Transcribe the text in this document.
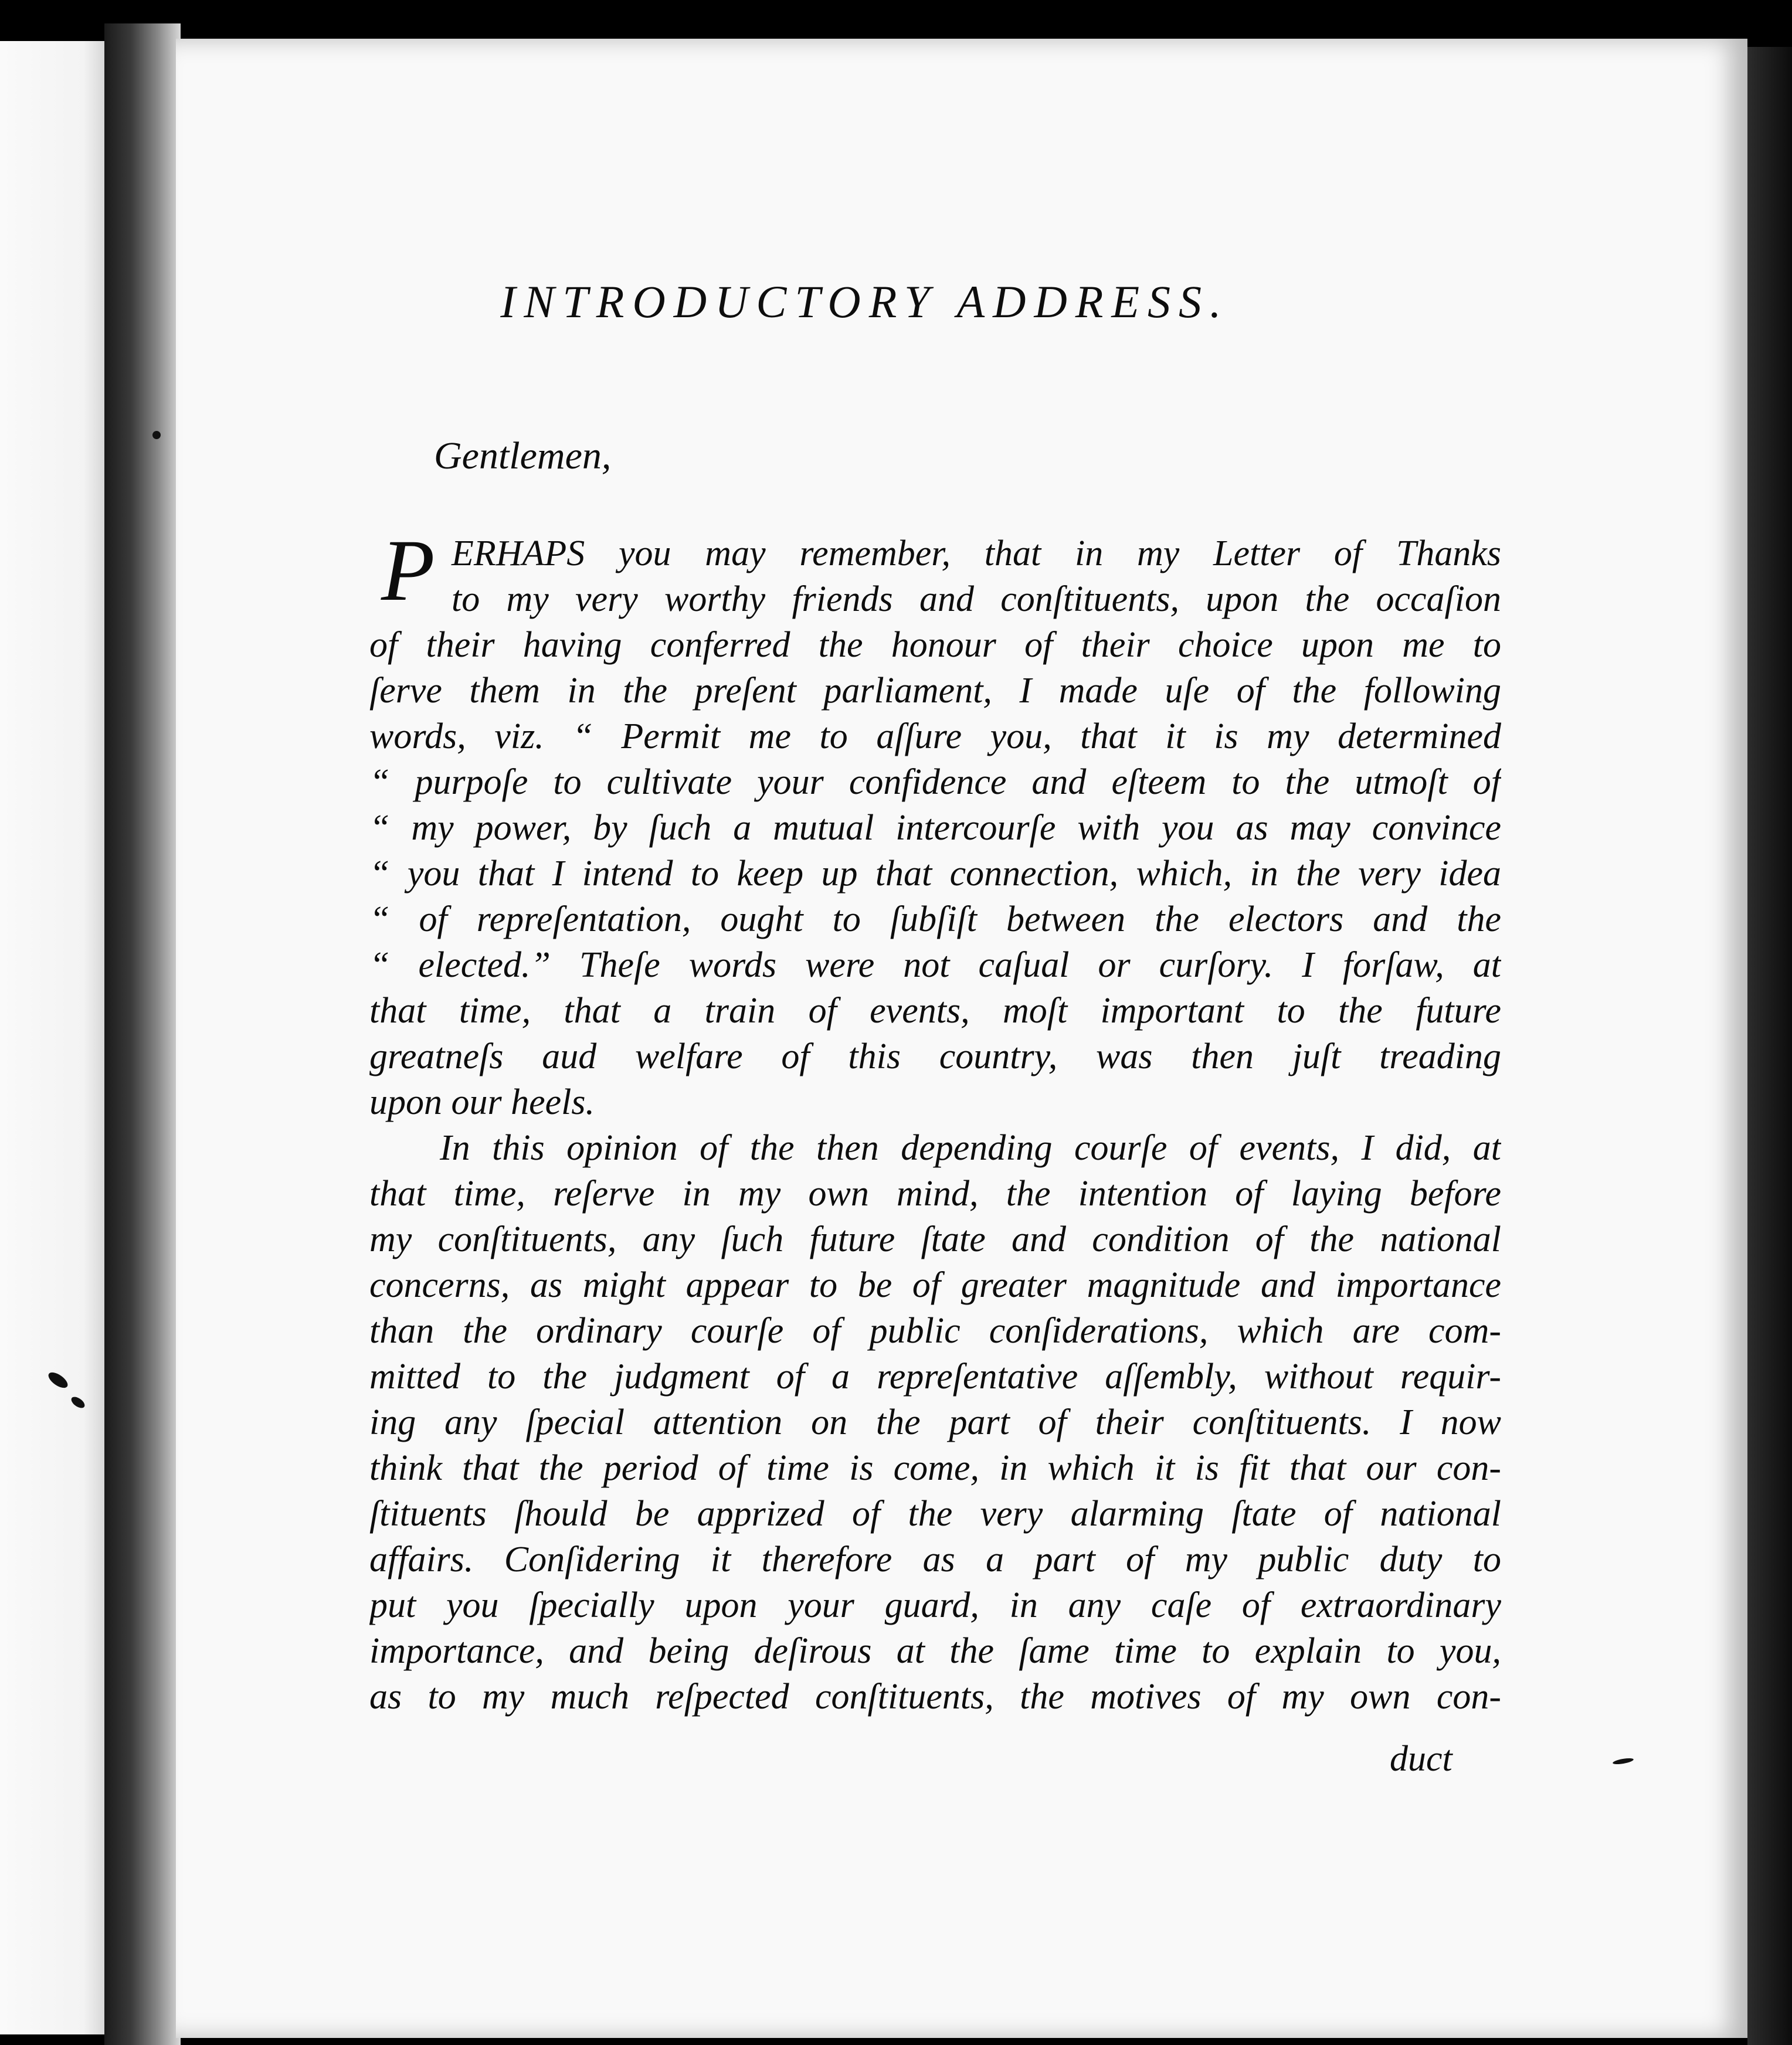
INTRODUCTORY ADDRESS.
Gentlemen,
P ERHAPS you may remember, that in my Letter of Thanks
to my very worthy friends and conſtituents, upon the occaſion
of their having conferred the honour of their choice upon me to
ſerve them in the preſent parliament, I made uſe of the following
words, viz. “ Permit me to aſſure you, that it is my determined
“ purpoſe to cultivate your confidence and eſteem to the utmoſt of
“ my power, by ſuch a mutual intercourſe with you as may convince
“ you that I intend to keep up that connection, which, in the very idea
“ of repreſentation, ought to ſubſiſt between the electors and the
“ elected.” Theſe words were not caſual or curſory. I forſaw, at
that time, that a train of events, moſt important to the future
greatneſs aud welfare of this country, was then juſt treading
upon our heels.
In this opinion of the then depending courſe of events, I did, at
that time, reſerve in my own mind, the intention of laying before
my conſtituents, any ſuch future ſtate and condition of the national
concerns, as might appear to be of greater magnitude and importance
than the ordinary courſe of public conſiderations, which are com-
mitted to the judgment of a repreſentative aſſembly, without requir-
ing any ſpecial attention on the part of their conſtituents. I now
think that the period of time is come, in which it is fit that our con-
ſtituents ſhould be apprized of the very alarming ſtate of national
affairs. Conſidering it therefore as a part of my public duty to
put you ſpecially upon your guard, in any caſe of extraordinary
importance, and being deſirous at the ſame time to explain to you,
as to my much reſpected conſtituents, the motives of my own con-
duct
